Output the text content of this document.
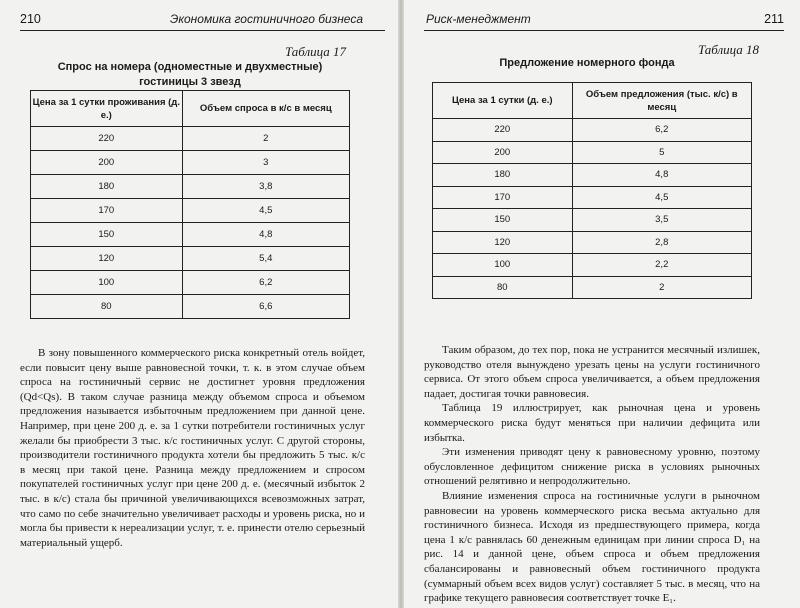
210	Экономика гостиничного бизнеса
Таблица 17
Спрос на номера (одноместные и двухместные)
гостиницы 3 звезд
Цена за 1 сутки проживания (д. е.)	Объем спроса в к/с в месяц
220	2
200	3
180	3,8
170	4,5
150	4,8
120	5,4
100	6,2
80	6,6

В зону повышенного коммерческого риска конкретный отель войдет, если повысит цену выше равновесной точки, т. к. в этом случае объем спроса на гостиничный сервис не достигнет уровня предложения (Qd<Qs). В таком случае разница между объемом спроса и объемом предложения называется избыточным предложением при данной цене. Например, при цене 200 д. е. за 1 сутки потребители гостиничных услуг желали бы приобрести 3 тыс. к/с гостиничных услуг. С другой стороны, производители гостиничного продукта хотели бы предложить 5 тыс. к/с в месяц при такой цене. Разница между предложением и спросом покупателей гостиничных услуг при цене 200 д. е. (месячный избыток 2 тыс. в к/с) стала бы причиной увеличивающихся всевозможных затрат, что само по себе значительно увеличивает расходы и уровень риска, но и могла бы привести к нереализации услуг, т. е. принести отелю серьезный материальный ущерб.

Риск-менеджмент	211
Таблица 18
Предложение номерного фонда
Цена за 1 сутки (д. е.)	Объем предложения (тыс. к/с) в месяц
220	6,2
200	5
180	4,8
170	4,5
150	3,5
120	2,8
100	2,2
80	2

Таким образом, до тех пор, пока не устранится месячный излишек, руководство отеля вынуждено урезать цены на услуги гостиничного сервиса. От этого объем спроса увеличивается, а объем предложения падает, достигая точки равновесия.

Таблица 19 иллюстрирует, как рыночная цена и уровень коммерческого риска будут меняться при наличии дефицита или избытка.

Эти изменения приводят цену к равновесному уровню, поэтому обусловленное дефицитом снижение риска в условиях рыночных отношений релятивно и непродолжительно.

Влияние изменения спроса на гостиничные услуги в рыночном равновесии на уровень коммерческого риска весьма актуально для гостиничного бизнеса. Исходя из предшествующего примера, когда цена 1 к/с равнялась 60 денежным единицам при линии спроса D₁ на рис. 14 и данной цене, объем спроса и объем предложения сбалансированы и равновесный объем гостиничного продукта (суммарный объем всех видов услуг) составляет 5 тыс. в месяц, что на графике текущего равновесия соответствует точке E₁.
